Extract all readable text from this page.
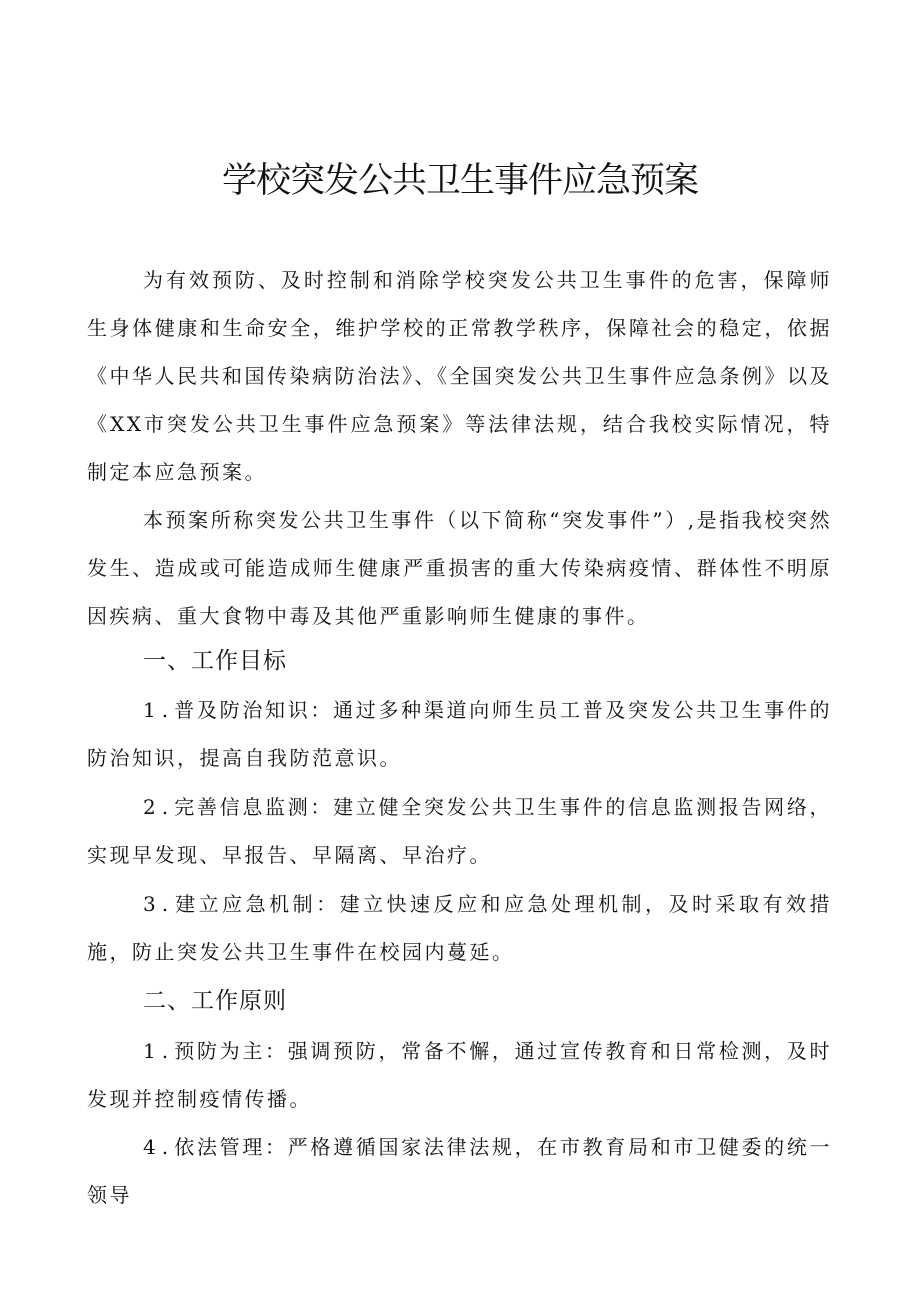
学校突发公共卫生事件应急预案

为有效预防、及时控制和消除学校突发公共卫生事件的危害，保障师生身体健康和生命安全，维护学校的正常教学秩序，保障社会的稳定，依据《中华人民共和国传染病防治法》、《全国突发公共卫生事件应急条例》以及《XX市突发公共卫生事件应急预案》等法律法规，结合我校实际情况，特制定本应急预案。

本预案所称突发公共卫生事件（以下简称“突发事件”）,是指我校突然发生、造成或可能造成师生健康严重损害的重大传染病疫情、群体性不明原因疾病、重大食物中毒及其他严重影响师生健康的事件。

一、工作目标

1.普及防治知识：通过多种渠道向师生员工普及突发公共卫生事件的防治知识，提高自我防范意识。

2.完善信息监测：建立健全突发公共卫生事件的信息监测报告网络，实现早发现、早报告、早隔离、早治疗。

3.建立应急机制：建立快速反应和应急处理机制，及时采取有效措施，防止突发公共卫生事件在校园内蔓延。

二、工作原则

1.预防为主：强调预防，常备不懈，通过宣传教育和日常检测，及时发现并控制疫情传播。

4.依法管理：严格遵循国家法律法规，在市教育局和市卫健委的统一领导
